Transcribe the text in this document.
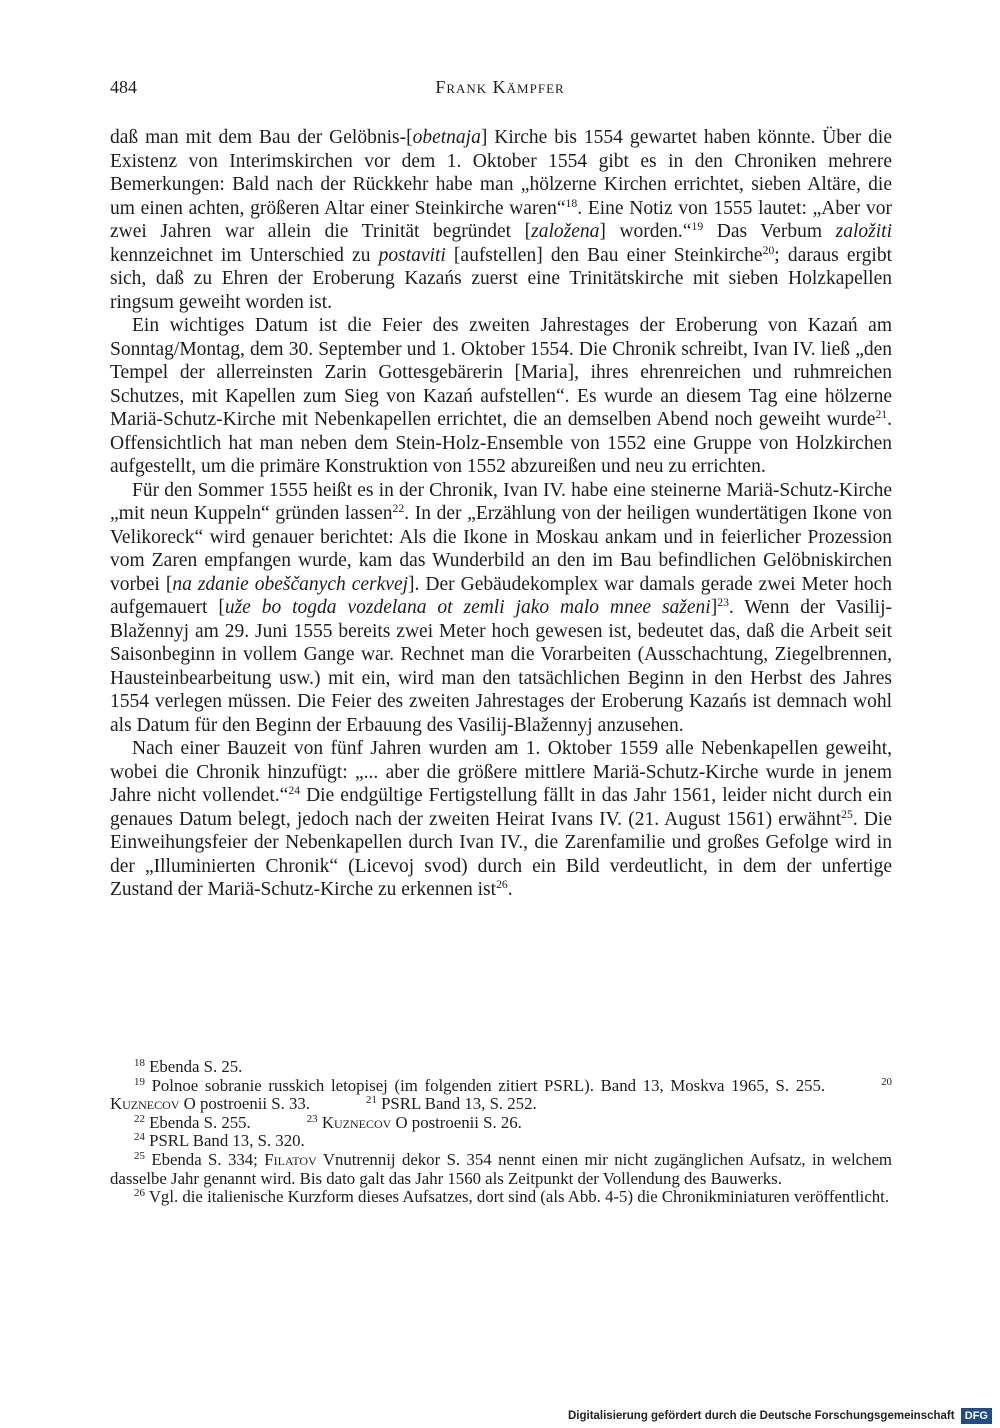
484	Frank Kämpfer

daß man mit dem Bau der Gelöbnis-[obetnaja] Kirche bis 1554 gewartet haben könnte. Über die Existenz von Interimskirchen vor dem 1. Oktober 1554 gibt es in den Chroniken mehrere Bemerkungen: Bald nach der Rückkehr habe man „hölzerne Kirchen errichtet, sieben Altäre, die um einen achten, größeren Altar einer Steinkirche waren“$^{18}$. Eine Notiz von 1555 lautet: „Aber vor zwei Jahren war allein die Trinität begründet [založena] worden.“$^{19}$ Das Verbum založiti kennzeichnet im Unterschied zu postaviti [aufstellen] den Bau einer Steinkirche$^{20}$; daraus ergibt sich, daß zu Ehren der Eroberung Kazańs zuerst eine Trinitätskirche mit sieben Holzkapellen ringsum geweiht worden ist.

Ein wichtiges Datum ist die Feier des zweiten Jahrestages der Eroberung von Kazań am Sonntag/Montag, dem 30. September und 1. Oktober 1554. Die Chronik schreibt, Ivan IV. ließ „den Tempel der allerreinsten Zarin Gottesgebärerin [Maria], ihres ehrenreichen und ruhmreichen Schutzes, mit Kapellen zum Sieg von Kazań aufstellen“. Es wurde an diesem Tag eine hölzerne Mariä-Schutz-Kirche mit Nebenkapellen errichtet, die an demselben Abend noch geweiht wurde$^{21}$. Offensichtlich hat man neben dem Stein-Holz-Ensemble von 1552 eine Gruppe von Holzkirchen aufgestellt, um die primäre Konstruktion von 1552 abzureißen und neu zu errichten.

Für den Sommer 1555 heißt es in der Chronik, Ivan IV. habe eine steinerne Mariä-Schutz-Kirche „mit neun Kuppeln“ gründen lassen$^{22}$. In der „Erzählung von der heiligen wundertätigen Ikone von Velikoreck“ wird genauer berichtet: Als die Ikone in Moskau ankam und in feierlicher Prozession vom Zaren empfangen wurde, kam das Wunderbild an den im Bau befindlichen Gelöbniskirchen vorbei [na zdanie obeščanych cerkvej]. Der Gebäudekomplex war damals gerade zwei Meter hoch aufgemauert [uže bo togda vozdelana ot zemli jako malo mnee saženi]$^{23}$. Wenn der Vasilij-Blažennyj am 29. Juni 1555 bereits zwei Meter hoch gewesen ist, bedeutet das, daß die Arbeit seit Saisonbeginn in vollem Gange war. Rechnet man die Vorarbeiten (Ausschachtung, Ziegelbrennen, Hausteinbearbeitung usw.) mit ein, wird man den tatsächlichen Beginn in den Herbst des Jahres 1554 verlegen müssen. Die Feier des zweiten Jahrestages der Eroberung Kazańs ist demnach wohl als Datum für den Beginn der Erbauung des Vasilij-Blažennyj anzusehen.

Nach einer Bauzeit von fünf Jahren wurden am 1. Oktober 1559 alle Nebenkapellen geweiht, wobei die Chronik hinzufügt: „... aber die größere mittlere Mariä-Schutz-Kirche wurde in jenem Jahre nicht vollendet.“$^{24}$ Die endgültige Fertigstellung fällt in das Jahr 1561, leider nicht durch ein genaues Datum belegt, jedoch nach der zweiten Heirat Ivans IV. (21. August 1561) erwähnt$^{25}$. Die Einweihungsfeier der Nebenkapellen durch Ivan IV., die Zarenfamilie und großes Gefolge wird in der „Illuminierten Chronik“ (Licevoj svod) durch ein Bild verdeutlicht, in dem der unfertige Zustand der Mariä-Schutz-Kirche zu erkennen ist$^{26}$.

$^{18}$ Ebenda S. 25.

$^{19}$ Polnoe sobranie russkich letopisej (im folgenden zitiert PSRL). Band 13, Moskva 1965, S. 255.	$^{20}$ Kuznecov O postroenii S. 33.	$^{21}$ PSRL Band 13, S. 252.

$^{22}$ Ebenda S. 255.	$^{23}$ Kuznecov O postroenii S. 26.

$^{24}$ PSRL Band 13, S. 320.

$^{25}$ Ebenda S. 334; Filatov Vnutrennij dekor S. 354 nennt einen mir nicht zugänglichen Aufsatz, in welchem dasselbe Jahr genannt wird. Bis dato galt das Jahr 1560 als Zeitpunkt der Vollendung des Bauwerks.

$^{26}$ Vgl. die italienische Kurzform dieses Aufsatzes, dort sind (als Abb. 4-5) die Chronikminiaturen veröffentlicht.

Digitalisierung gefördert durch die Deutsche Forschungsgemeinschaft DFG
